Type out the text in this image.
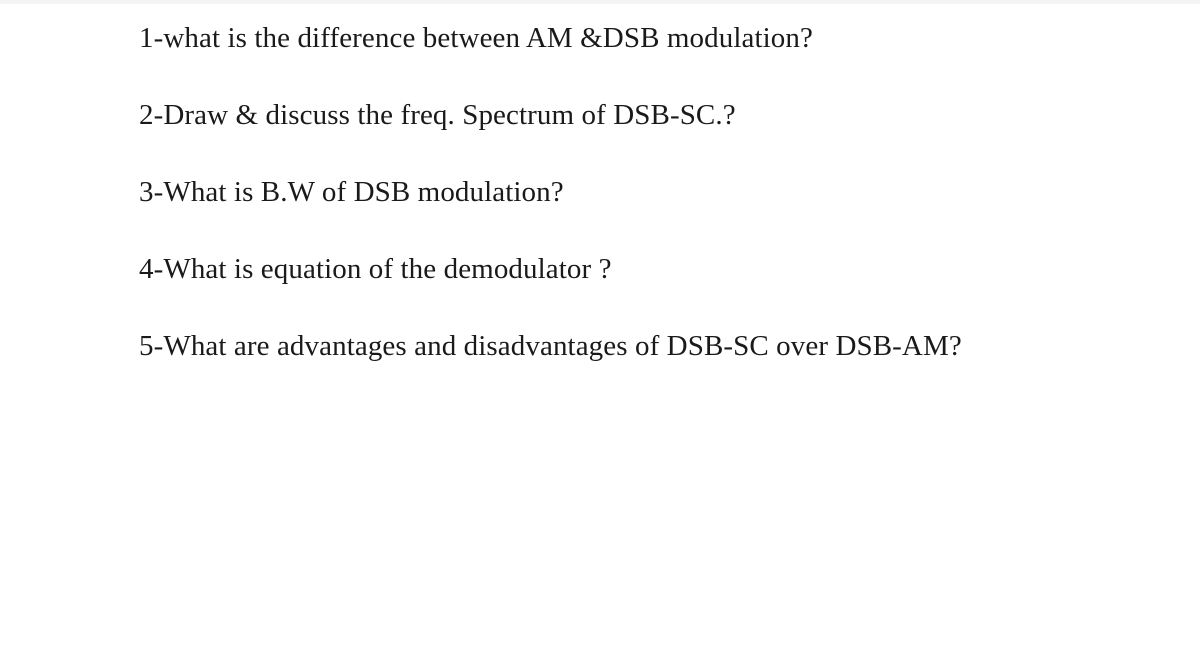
1-what is the difference between AM &DSB modulation?
2-Draw & discuss the freq. Spectrum of DSB-SC.?
3-What is B.W of DSB modulation?
4-What is equation of the demodulator ?
5-What are advantages and disadvantages of DSB-SC over DSB-AM?
